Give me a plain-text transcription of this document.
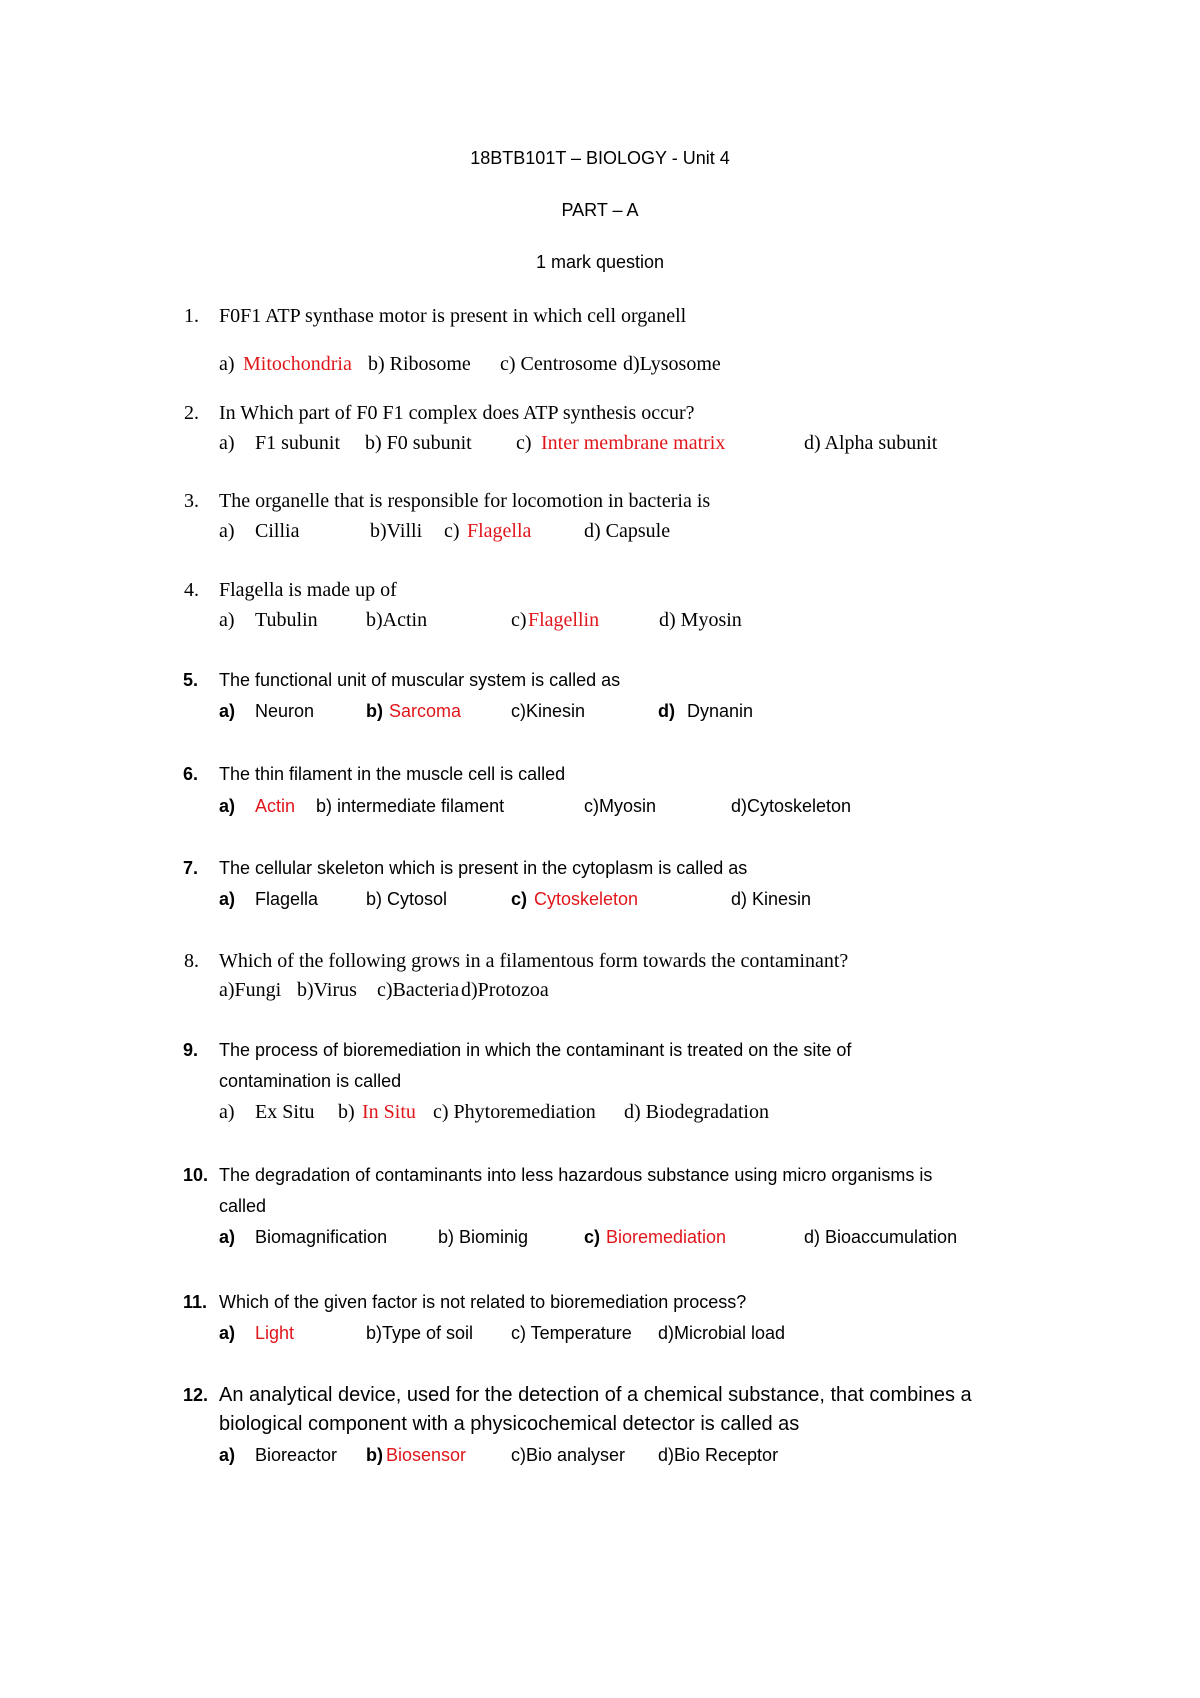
18BTB101T – BIOLOGY - Unit 4
PART – A
1 mark question
1. F0F1 ATP synthase motor is present in which cell organell
a) Mitochondria b) Ribosome c) Centrosome d)Lysosome
2. In Which part of F0 F1 complex does ATP synthesis occur?
a) F1 subunit b) F0 subunit c) Inter membrane matrix	d) Alpha subunit
3. The organelle that is responsible for locomotion in bacteria is
a) Cillia	b)Villi c) Flagella	d) Capsule
4. Flagella is made up of
a) Tubulin b)Actin	c) Flagellin	d) Myosin
5. The functional unit of muscular system is called as
a) Neuron	b) Sarcoma	c)Kinesin	d) Dynanin
6. The thin filament in the muscle cell is called
a) Actin b) intermediate filament	c)Myosin	d)Cytoskeleton
7. The cellular skeleton which is present in the cytoplasm is called as
a) Flagella	b) Cytosol	c) Cytoskeleton	d) Kinesin
8. Which of the following grows in a filamentous form towards the contaminant?
a)Fungi b)Virus c)Bacteria d)Protozoa
9. The process of bioremediation in which the contaminant is treated on the site of
contamination is called
a) Ex Situ b) In Situ c) Phytoremediation d) Biodegradation
10. The degradation of contaminants into less hazardous substance using micro organisms is
called
a) Biomagnification	b) Biominig	c) Bioremediation	d) Bioaccumulation
11. Which of the given factor is not related to bioremediation process?
a) Light	b)Type of soil c) Temperature d)Microbial load
12. An analytical device, used for the detection of a chemical substance, that combines a
biological component with a physicochemical detector is called as
a) Bioreactor b) Biosensor c)Bio analyser d)Bio Receptor
